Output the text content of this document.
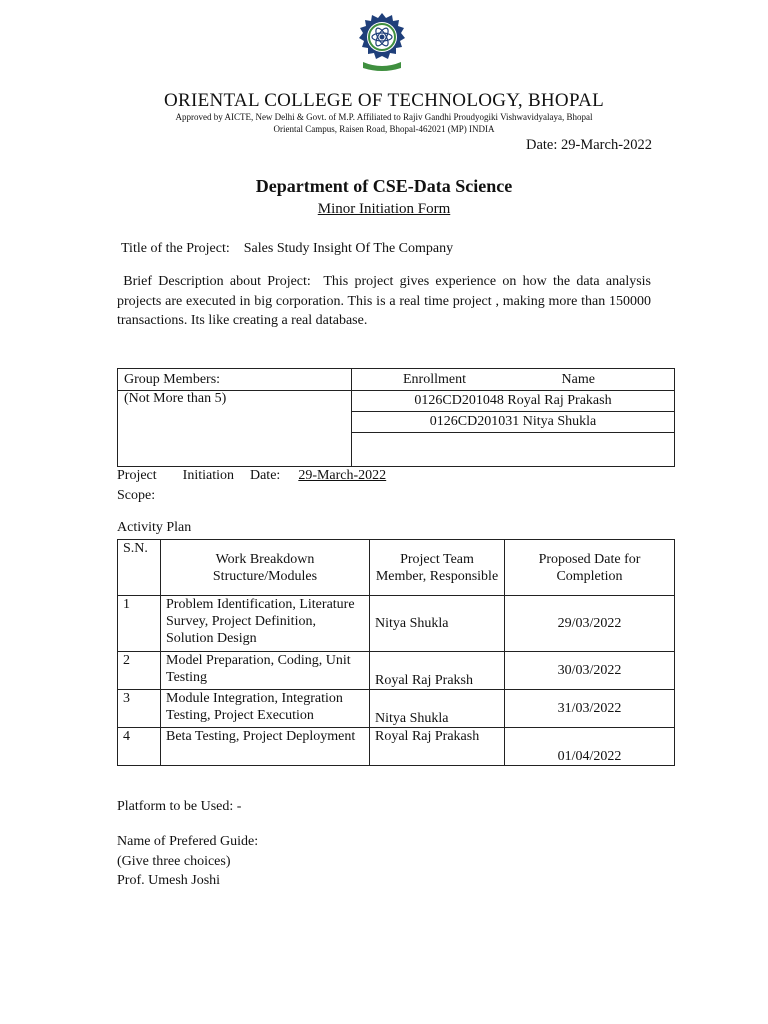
ORIENTAL COLLEGE OF TECHNOLOGY, BHOPAL
Approved by AICTE, New Delhi & Govt. of M.P. Affiliated to Rajiv Gandhi Proudyogiki Vishwavidyalaya, Bhopal
Oriental Campus, Raisen Road, Bhopal-462021 (MP) INDIA
Date: 29-March-2022
Department of CSE-Data Science
Minor Initiation Form
Title of the Project: Sales Study Insight Of The Company
Brief Description about Project: This project gives experience on how the data analysis projects are executed in big corporation. This is a real time project , making more than 150000 transactions. Its like creating a real database.
Group Members:	Enrollment Name
(Not More than 5)	0126CD201048 Royal Raj Prakash
	0126CD201031 Nitya Shukla

Project Initiation Date: 29-March-2022
Scope:
Activity Plan
S.N.	Work Breakdown Structure/Modules	Project Team Member, Responsible	Proposed Date for Completion
1	Problem Identification, Literature Survey, Project Definition, Solution Design	Nitya Shukla	29/03/2022
2	Model Preparation, Coding, Unit Testing	Royal Raj Praksh	30/03/2022
3	Module Integration, Integration Testing, Project Execution	Nitya Shukla	31/03/2022
4	Beta Testing, Project Deployment	Royal Raj Prakash	01/04/2022
Platform to be Used: -
Name of Prefered Guide:
(Give three choices)
Prof. Umesh Joshi
